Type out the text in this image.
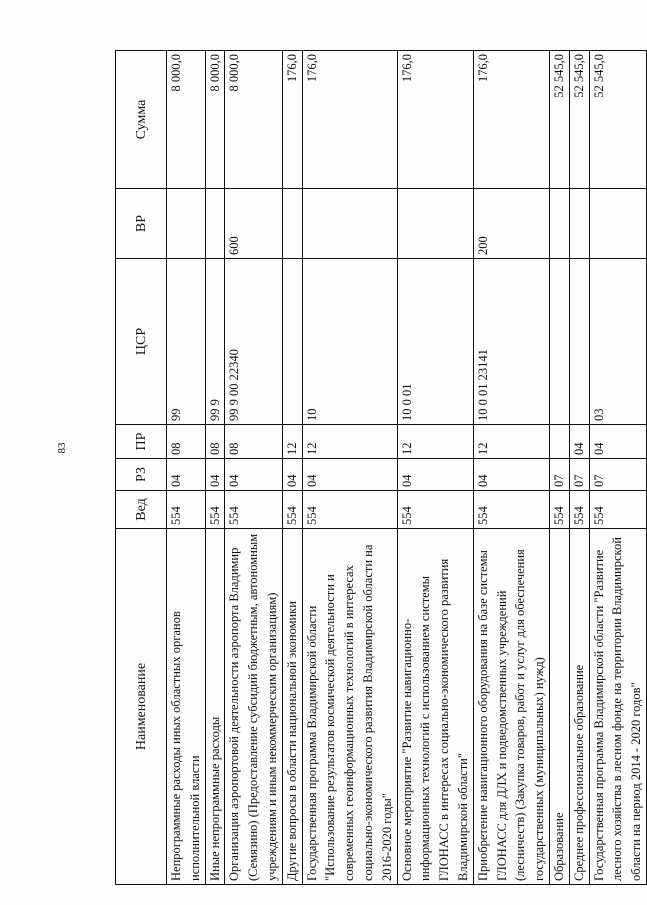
83
Наименование	Вед	РЗ	ПР	ЦСР	ВР	Сумма
Непрограммные расходы иных областных органов исполнительной власти	554	04	08	99		8 000,0
Иные непрограммные расходы	554	04	08	99 9		8 000,0
Организация аэропортовой деятельности аэропорта Владимир (Семязино) (Предоставление субсидий бюджетным, автономным учреждениям и иным некоммерческим организациям)	554	04	08	99 9 00 22340	600	8 000,0
Другие вопросы в области национальной экономики	554	04	12			176,0
Государственная программа Владимирской области "Использование результатов космической деятельности и современных геоинформационных технологий в интересах социально-экономического развития Владимирской области на 2016-2020 годы"	554	04	12	10		176,0
Основное мероприятие "Развитие навигационно-информационных технологий с использованием системы ГЛОНАСС в интересах социально-экономического развития Владимирской области"	554	04	12	10 0 01		176,0
Приобретение навигационного оборудования на базе системы ГЛОНАСС для ДЛХ и подведомственных учреждений (лесничеств) (Закупка товаров, работ и услуг для обеспечения государственных (муниципальных) нужд)	554	04	12	10 0 01 23141	200	176,0
Образование	554	07				52 545,0
Среднее профессиональное образование	554	07	04			52 545,0
Государственная программа Владимирской области "Развитие лесного хозяйства в лесном фонде на территории Владимирской области на период 2014 - 2020 годов"	554	07	04	03		52 545,0
